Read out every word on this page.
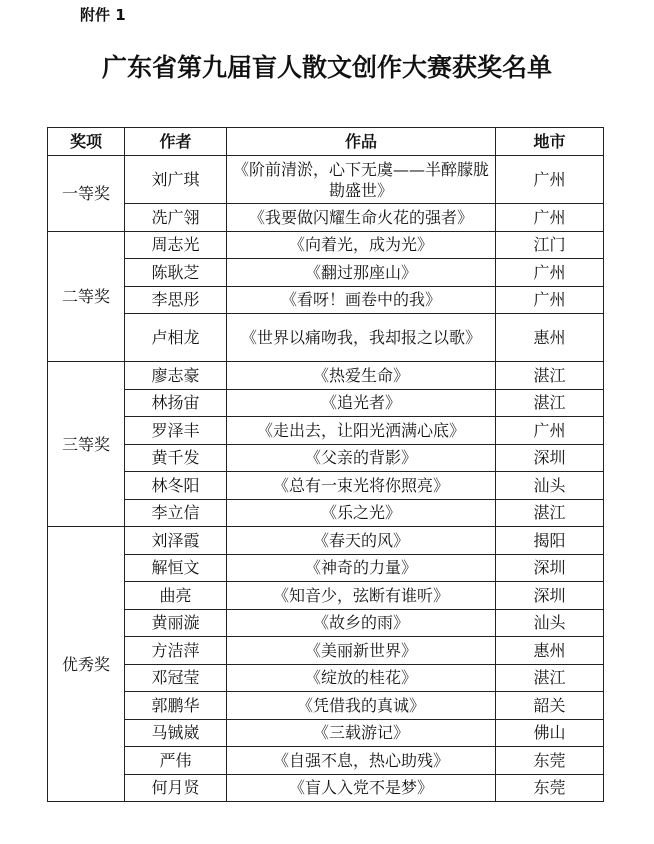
附件 1
广东省第九届盲人散文创作大赛获奖名单
奖项	作者	作品	地市
一等奖	刘广琪	《阶前清淤，心下无虞——半醉朦胧勘盛世》	广州
	冼广翎	《我要做闪耀生命火花的强者》	广州
二等奖	周志光	《向着光，成为光》	江门
	陈耿芝	《翻过那座山》	广州
	李思彤	《看呀！画卷中的我》	广州
	卢相龙	《世界以痛吻我，我却报之以歌》	惠州
三等奖	廖志豪	《热爱生命》	湛江
	林扬宙	《追光者》	湛江
	罗泽丰	《走出去，让阳光洒满心底》	广州
	黄千发	《父亲的背影》	深圳
	林冬阳	《总有一束光将你照亮》	汕头
	李立信	《乐之光》	湛江
优秀奖	刘泽霞	《春天的风》	揭阳
	解恒文	《神奇的力量》	深圳
	曲亮	《知音少，弦断有谁听》	深圳
	黄丽漩	《故乡的雨》	汕头
	方洁萍	《美丽新世界》	惠州
	邓冠莹	《绽放的桂花》	湛江
	郭鹏华	《凭借我的真诚》	韶关
	马铖崴	《三载游记》	佛山
	严伟	《自强不息，热心助残》	东莞
	何月贤	《盲人入党不是梦》	东莞
